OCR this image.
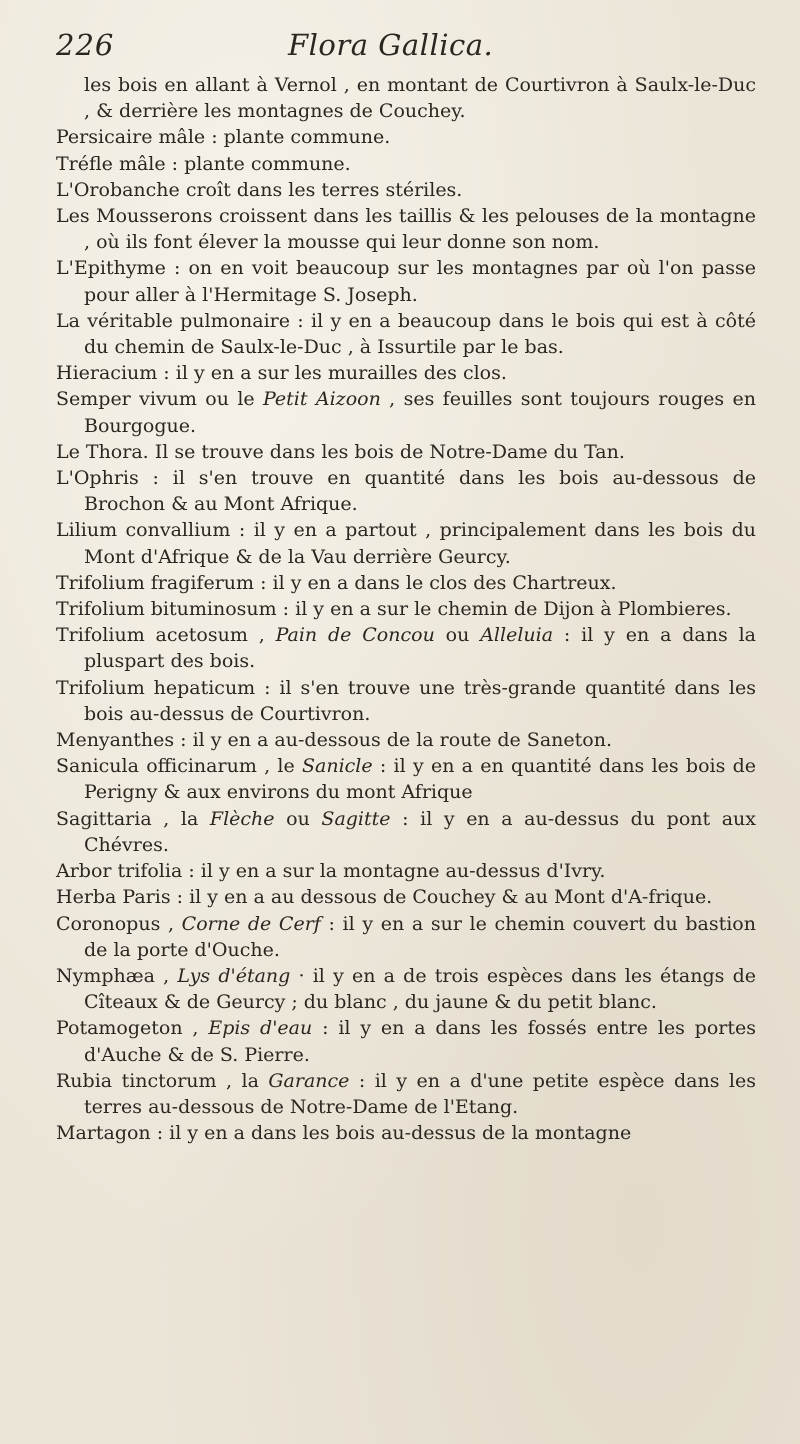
226	Flora Gallica.

les bois en allant à Vernol , en montant de Courtivron à Saulx-le-Duc , & derrière les montagnes de Couchey.

Persicaire mâle : plante commune.

Tréfle mâle : plante commune.

L'Orobanche croît dans les terres stériles.

Les Mousserons croissent dans les taillis & les pelouses de la montagne , où ils font élever la mousse qui leur donne son nom.

L'Epithyme : on en voit beaucoup sur les montagnes par où l'on passe pour aller à l'Hermitage S. Joseph.

La véritable pulmonaire : il y en a beaucoup dans le bois qui est à côté du chemin de Saulx-le-Duc , à Issurtile par le bas.

Hieracium : il y en a sur les murailles des clos.

Semper vivum ou le Petit Aizoon , ses feuilles sont toujours rouges en Bourgogue.

Le Thora. Il se trouve dans les bois de Notre-Dame du Tan.

L'Ophris : il s'en trouve en quantité dans les bois au-dessous de Brochon & au Mont Afrique.

Lilium convallium : il y en a partout , principalement dans les bois du Mont d'Afrique & de la Vau derrière Geurcy.

Trifolium fragiferum : il y en a dans le clos des Chartreux.

Trifolium bituminosum : il y en a sur le chemin de Dijon à Plombieres.

Trifolium acetosum , Pain de Concou ou Alleluia : il y en a dans la pluspart des bois.

Trifolium hepaticum : il s'en trouve une très-grande quantité dans les bois au-dessus de Courtivron.

Menyanthes : il y en a au-dessous de la route de Saneton.

Sanicula officinarum , le Sanicle : il y en a en quantité dans les bois de Perigny & aux environs du mont Afrique

Sagittaria , la Flèche ou Sagitte : il y en a au-dessus du pont aux Chévres.

Arbor trifolia : il y en a sur la montagne au-dessus d'Ivry.

Herba Paris : il y en a au dessous de Couchey & au Mont d'A-frique.

Coronopus , Corne de Cerf : il y en a sur le chemin couvert du bastion de la porte d'Ouche.

Nymphæa , Lys d'étang · il y en a de trois espèces dans les étangs de Cîteaux & de Geurcy ; du blanc , du jaune & du petit blanc.

Potamogeton , Epis d'eau : il y en a dans les fossés entre les portes d'Auche & de S. Pierre.

Rubia tinctorum , la Garance : il y en a d'une petite espèce dans les terres au-dessous de Notre-Dame de l'Etang.

Martagon : il y en a dans les bois au-dessus de la montagne
